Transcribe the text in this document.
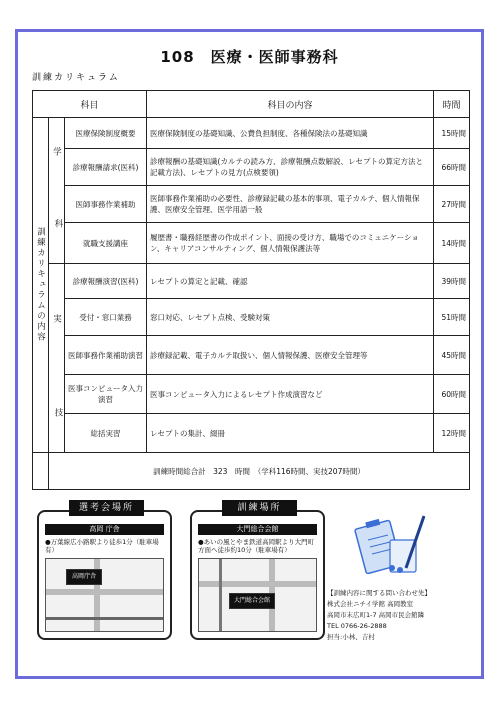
108　医療・医師事務科
訓練カリキュラム
科目			科目の内容	時間
訓練カリキュラムの内容	学	医療保険制度概要	医療保険制度の基礎知識、公費負担制度、各種保険法の基礎知識	15時間
		診療報酬請求(医科)	診療報酬の基礎知識(カルテの読み方、診療報酬点数解説、レセプトの算定方法と記載方法)、レセプトの見方(点検要領)	66時間
	科	医師事務作業補助	医師事務作業補助の必要性、診療録記載の基本的事項、電子カルテ、個人情報保護、医療安全管理、医学用語一般	27時間
		就職支援講座	履歴書・職務経歴書の作成ポイント、面接の受け方、職場でのコミュニケーション、キャリアコンサルティング、個人情報保護法等	14時間
	実	診療報酬演習(医科)	レセプトの算定と記載、確認	39時間
		受付・窓口業務	窓口対応、レセプト点検、受験対策	51時間
		医師事務作業補助演習	診療録記載、電子カルテ取扱い、個人情報保護、医療安全管理等	45時間
	技	医事コンピュータ入力演習	医事コンピュータ入力によるレセプト作成演習など	60時間
		総括実習	レセプトの集計、綴冊	12時間
	訓練時間総合計　323　時間　（学科116時間、実技207時間）			
選考会場所
高岡 庁舎
●万葉線広小路駅より徒歩1分（駐車場有）
高岡庁舎
訓練場所
大門総合会館
●あいの風とやま鉄道高岡駅より大門町方面へ徒歩約10分（駐車場有）
大門総合会館
【訓練内容に関する問い合わせ先】
株式会社ニチイ学館 高岡教室
高岡市末広町1-7 高岡市民会館隣
TEL 0766-26-2888
担当:小林、吉村
